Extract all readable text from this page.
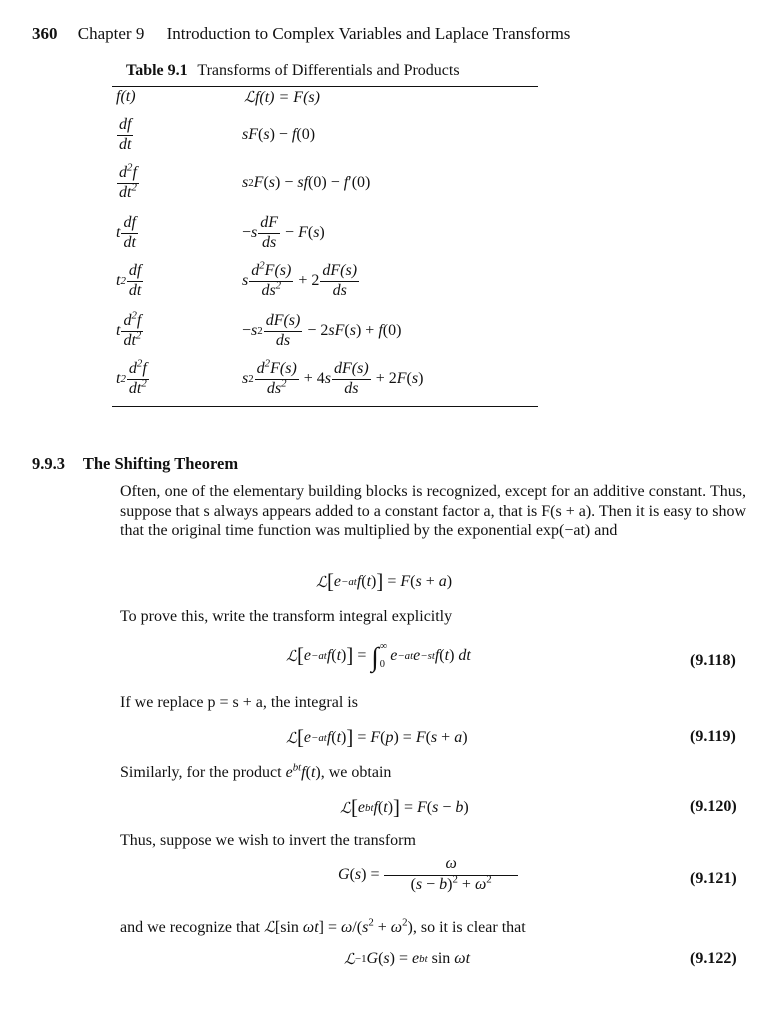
360 Chapter 9 Introduction to Complex Variables and Laplace Transforms
Table 9.1 Transforms of Differentials and Products
f(t)	ℒf(t) = F(s)
$\frac{df}{dt}$	sF ( s ) − f (0)
$\frac{d^2f}{dt^2}$	s 2 F ( s ) − sf (0) − f ′(0)
t $\frac{df}{dt}$	− s $\frac{dF}{ds} - F$ ( s )
t $2 \frac{df}{dt}$	s $\frac{d^2F(s)}{ds^2} + 2 \frac{dF(s)}{ds}$
t $\frac{d^2f}{dt^2}$	− s $2 \frac{dF(s)}{ds} - 2$ sF ( s ) + f (0)
t $2 \frac{d^2f}{dt^2}$	s $2 \frac{d^2F(s)}{ds^2} + 4$ s $\frac{dF(s)}{ds} + 2$ F ( s )
9.9.3 The Shifting Theorem
Often, one of the elementary building blocks is recognized, except for an additive constant. Thus, suppose that s always appears added to a constant factor a, that is F(s + a). Then it is easy to show that the original time function was multiplied by the exponential exp(−at) and
ℒ [ e −at f ( t ) ] = F ( s + a )
To prove this, write the transform integral explicitly
ℒ [ e −at f ( t ) ] = ∫ ∞
0
e −at e −st f ( t ) dt	(9.118)
If we replace p = s + a, the integral is
ℒ [ e −at f ( t ) ] = F ( p ) = F ( s + a )	(9.119)
Similarly, for the product $e^{bt}f(t)$, we obtain
ℒ [ e bt f ( t ) ] = F ( s − b )	(9.120)
Thus, suppose we wish to invert the transform
G ( s ) = $\frac{\omega}{(s - b)^2 + \omega^2}$	(9.121)
and we recognize that ℒ[sin $\omega t] = \omega/(s^2 + \omega^2)$, so it is clear that
ℒ −1 G ( s ) = e bt sin ωt	(9.122)
